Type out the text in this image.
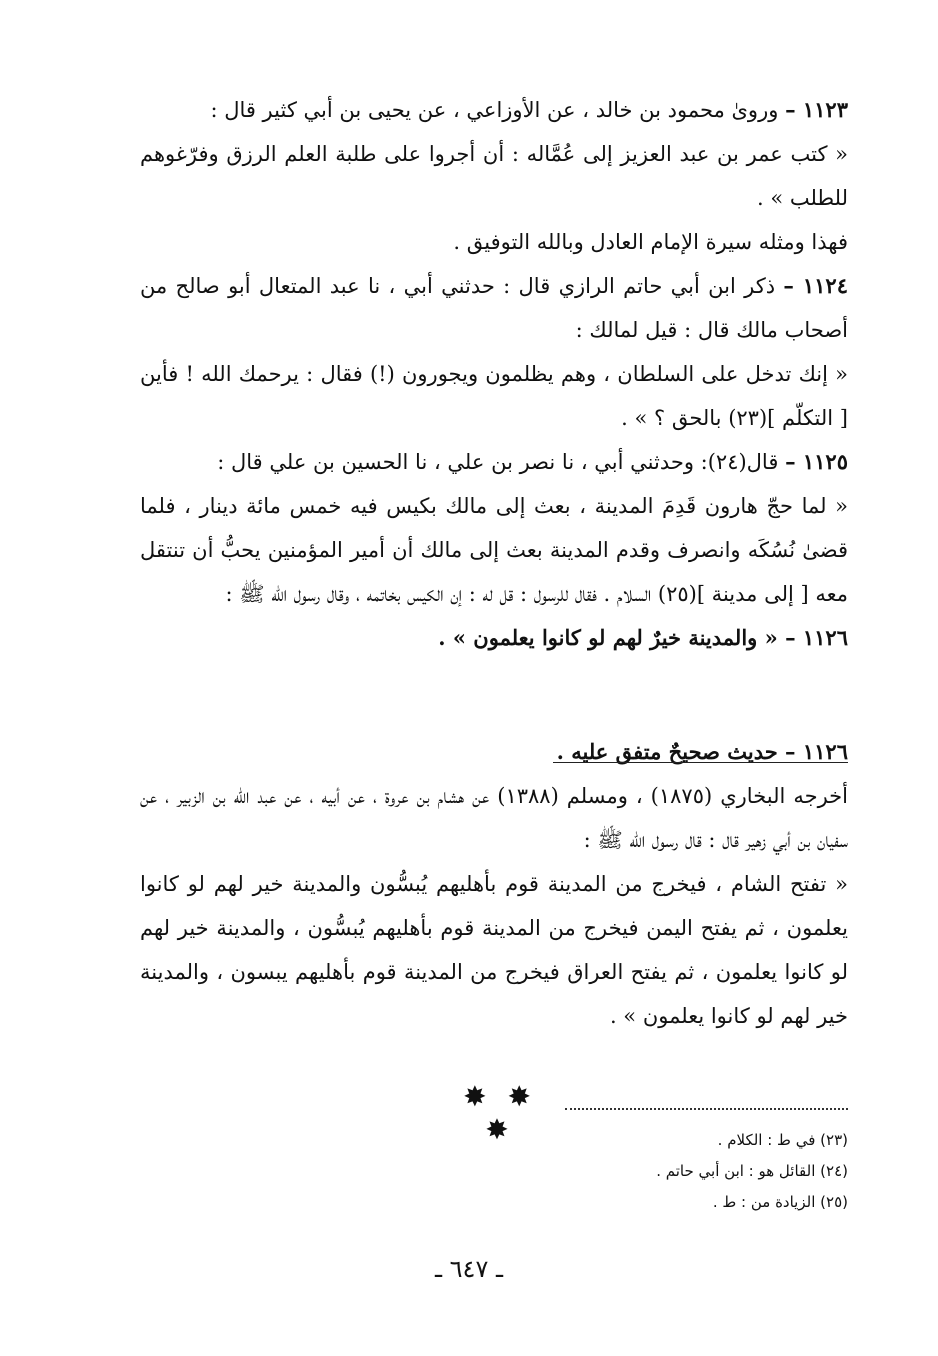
١١٢٣ – وروىٰ محمود بن خالد ، عن الأوزاعي ، عن يحيى بن أبي كثير قال :

« كتب عمر بن عبد العزيز إلى عُمَّاله : أن أجروا على طلبة العلم الرزق وفرّغوهم للطلب » .

فهذا ومثله سيرة الإمام العادل وبالله التوفيق .

١١٢٤ – ذكر ابن أبي حاتم الرازي قال : حدثني أبي ، نا عبد المتعال أبو صالح من أصحاب مالك قال : قيل لمالك :

« إنك تدخل على السلطان ، وهم يظلمون ويجورون (!) فقال : يرحمك الله ! فأين [ التكلّم ](٢٣) بالحق ؟ » .

١١٢٥ – قال(٢٤): وحدثني أبي ، نا نصر بن علي ، نا الحسين بن علي قال :

« لما حجّ هارون قَدِمَ المدينة ، بعث إلى مالك بكيس فيه خمس مائة دينار ، فلما قضىٰ نُسُكَه وانصرف وقدم المدينة بعث إلى مالك أن أمير المؤمنين يحبُّ أن تنتقل معه [ إلى مدينة ](٢٥) السلام . فقال للرسول : قل له : إن الكيس بخاتمه ، وقال رسول الله ﷺ :

١١٢٦ – « والمدينة خيرٌ لهم لو كانوا يعلمون » .

١١٢٦ – حديث صحيحٌ متفق عليه .

أخرجه البخاري (١٨٧٥) ، ومسلم (١٣٨٨) عن هشام بن عروة ، عن أبيه ، عن عبد الله بن الزبير ، عن سفيان بن أبي زهير قال : قال رسول الله ﷺ :

« تفتح الشام ، فيخرج من المدينة قوم بأهليهم يُبسُّون والمدينة خير لهم لو كانوا يعلمون ، ثم يفتح اليمن فيخرج من المدينة قوم بأهليهم يُبسُّون ، والمدينة خير لهم لو كانوا يعلمون ، ثم يفتح العراق فيخرج من المدينة قوم بأهليهم يبسون ، والمدينة خير لهم لو كانوا يعلمون » .

✸ ✸ ✸	(٢٣) في ط : الكلام .
(٢٤) القائل هو : ابن أبي حاتم .
(٢٥) الزيادة من : ط .
ـ ٦٤٧ ـ
